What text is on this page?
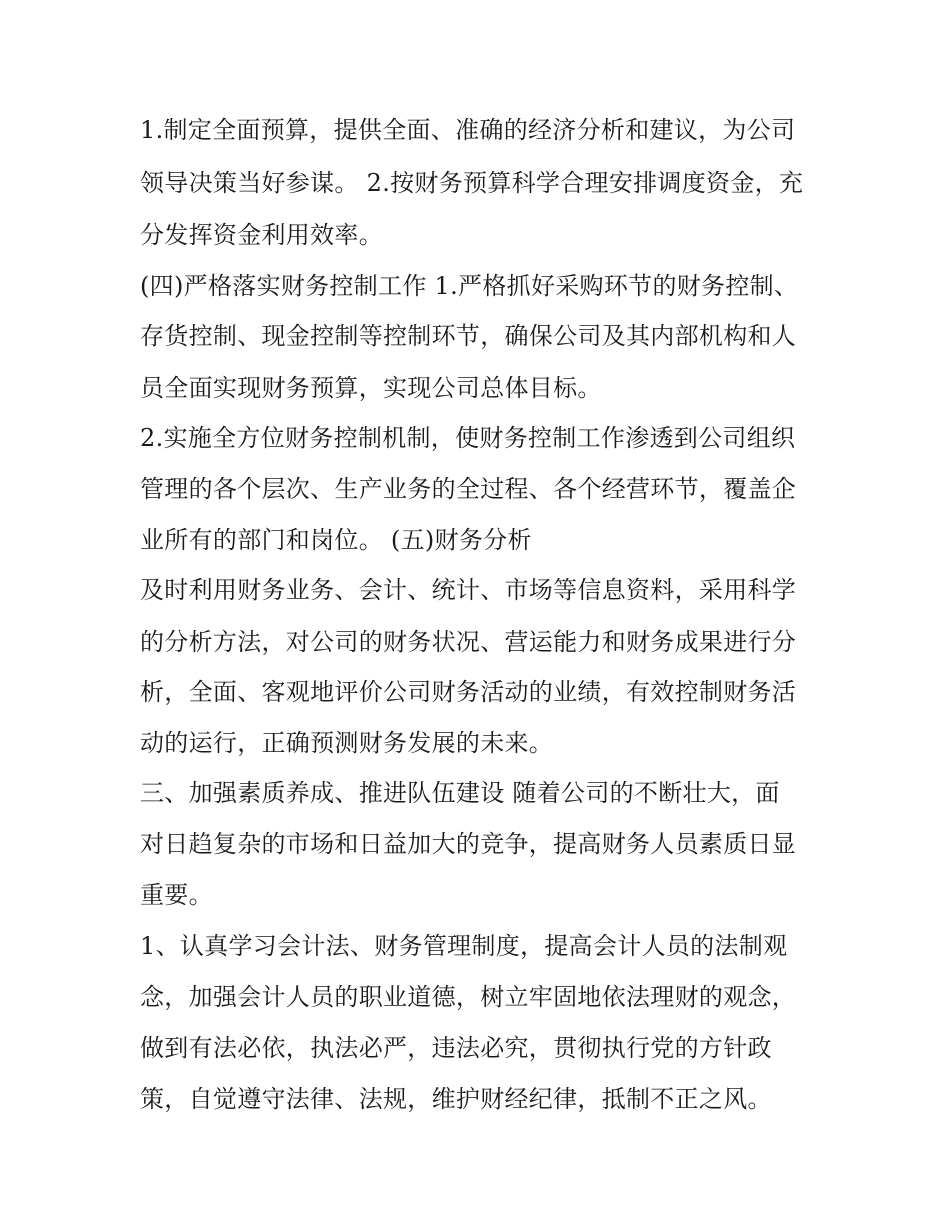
1.制定全面预算，提供全面、准确的经济分析和建议，为公司
领导决策当好参谋。 2.按财务预算科学合理安排调度资金，充
分发挥资金利用效率。
(四)严格落实财务控制工作 1.严格抓好采购环节的财务控制、
存货控制、现金控制等控制环节，确保公司及其内部机构和人
员全面实现财务预算，实现公司总体目标。
2.实施全方位财务控制机制，使财务控制工作渗透到公司组织
管理的各个层次、生产业务的全过程、各个经营环节，覆盖企
业所有的部门和岗位。 (五)财务分析
及时利用财务业务、会计、统计、市场等信息资料，采用科学
的分析方法，对公司的财务状况、营运能力和财务成果进行分
析，全面、客观地评价公司财务活动的业绩，有效控制财务活
动的运行，正确预测财务发展的未来。
三、加强素质养成、推进队伍建设 随着公司的不断壮大，面
对日趋复杂的市场和日益加大的竞争，提高财务人员素质日显
重要。
1、认真学习会计法、财务管理制度，提高会计人员的法制观
念，加强会计人员的职业道德，树立牢固地依法理财的观念，
做到有法必依，执法必严，违法必究，贯彻执行党的方针政
策，自觉遵守法律、法规，维护财经纪律，抵制不正之风。
